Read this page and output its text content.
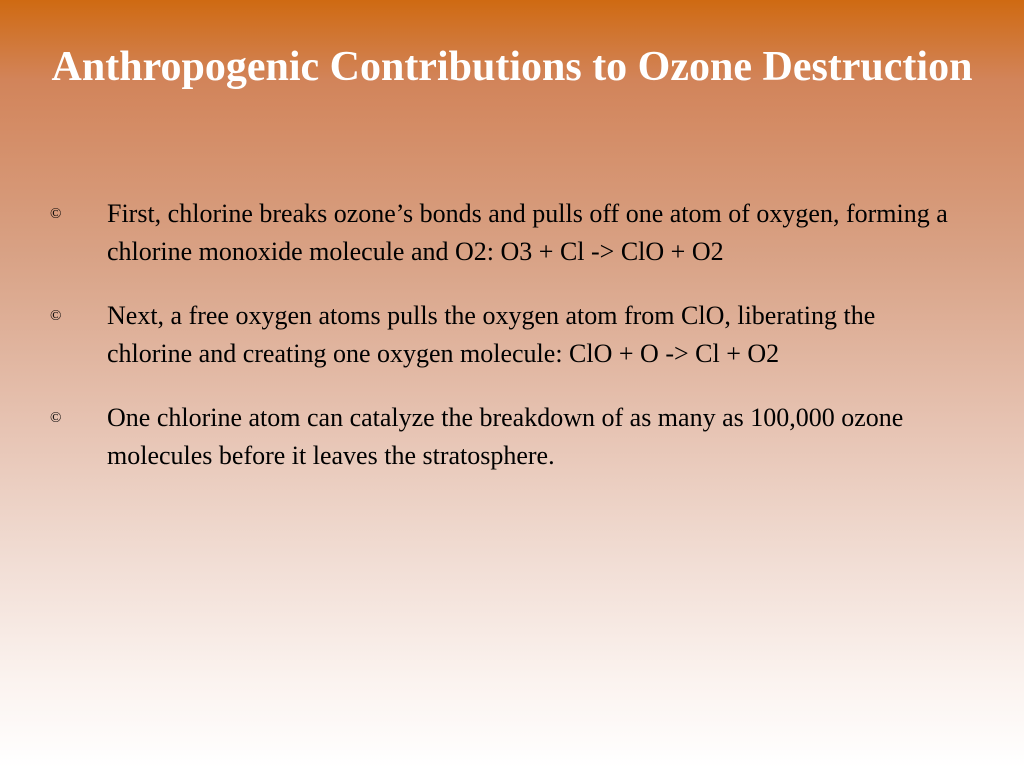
Anthropogenic Contributions to Ozone Destruction
© First, chlorine breaks ozone’s bonds and pulls off one atom of oxygen, forming a chlorine monoxide molecule and O2: O3 + Cl -> ClO + O2
© Next, a free oxygen atoms pulls the oxygen atom from ClO, liberating the chlorine and creating one oxygen molecule: ClO + O -> Cl + O2
© One chlorine atom can catalyze the breakdown of as many as 100,000 ozone molecules before it leaves the stratosphere.
